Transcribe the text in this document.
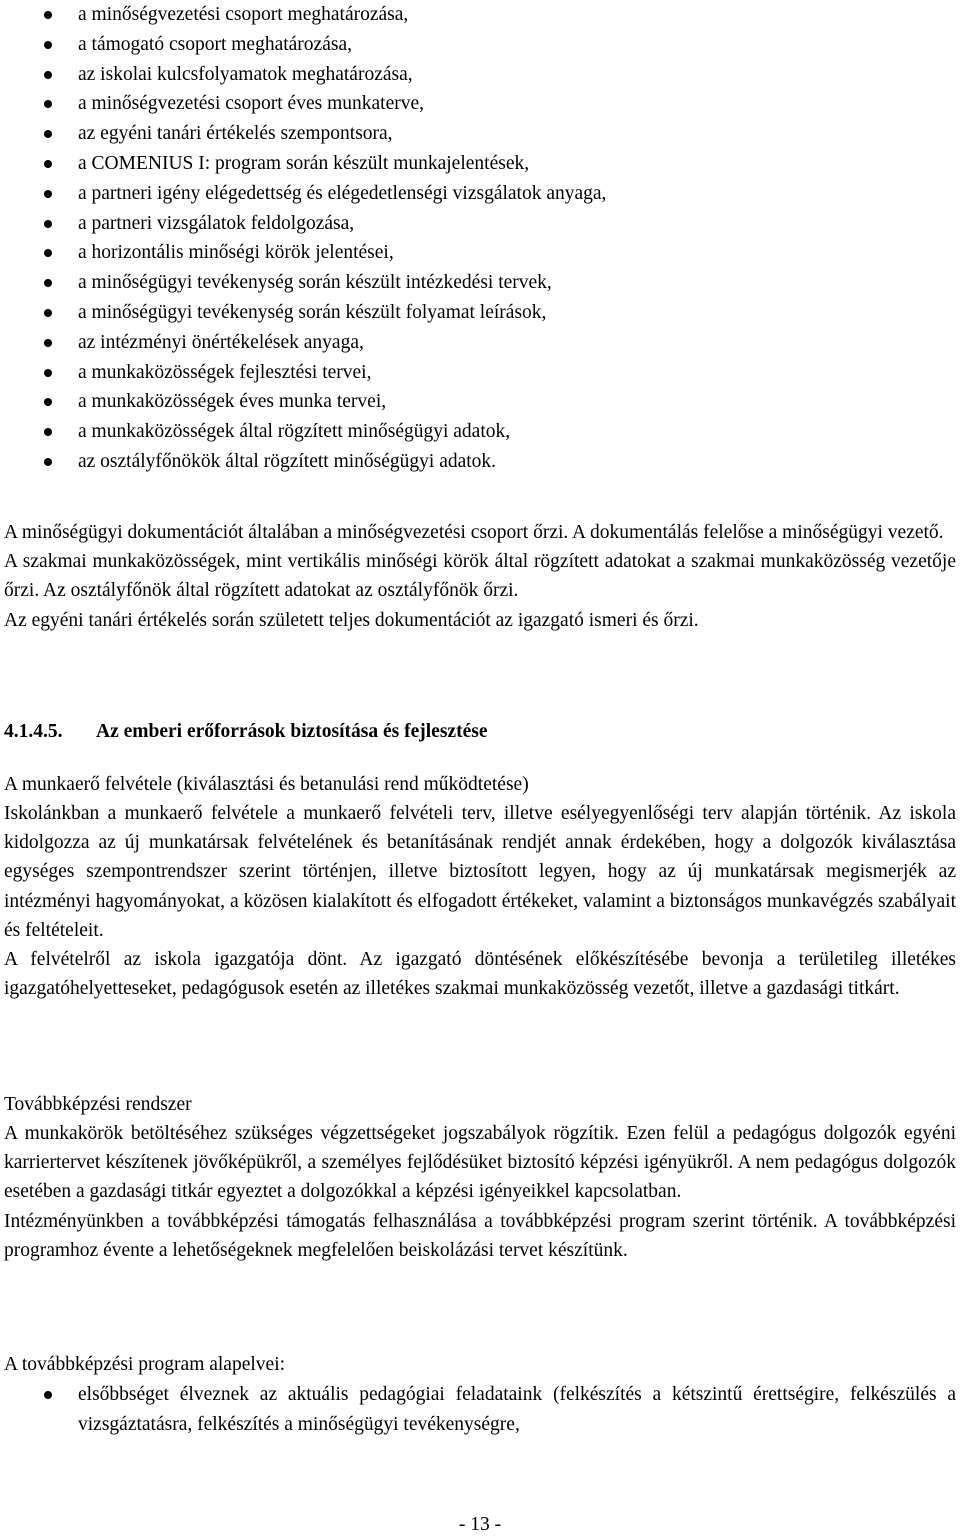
a minőségvezetési csoport meghatározása,
a támogató csoport meghatározása,
az iskolai kulcsfolyamatok meghatározása,
a minőségvezetési csoport éves munkaterve,
az egyéni tanári értékelés szempontsora,
a COMENIUS I: program során készült munkajelentések,
a partneri igény elégedettség és elégedetlenségi vizsgálatok anyaga,
a partneri vizsgálatok feldolgozása,
a horizontális minőségi körök jelentései,
a minőségügyi tevékenység során készült intézkedési tervek,
a minőségügyi tevékenység során készült folyamat leírások,
az intézményi önértékelések anyaga,
a munkaközösségek fejlesztési tervei,
a munkaközösségek éves munka tervei,
a munkaközösségek által rögzített minőségügyi adatok,
az osztályfőnökök által rögzített minőségügyi adatok.

A minőségügyi dokumentációt általában a minőségvezetési csoport őrzi. A dokumentálás felelőse a minőségügyi vezető.

A szakmai munkaközösségek, mint vertikális minőségi körök által rögzített adatokat a szakmai munkaközösség vezetője őrzi. Az osztályfőnök által rögzített adatokat az osztályfőnök őrzi.

Az egyéni tanári értékelés során született teljes dokumentációt az igazgató ismeri és őrzi.

4.1.4.5. Az emberi erőforrások biztosítása és fejlesztése

A munkaerő felvétele (kiválasztási és betanulási rend működtetése)

Iskolánkban a munkaerő felvétele a munkaerő felvételi terv, illetve esélyegyenlőségi terv alapján történik. Az iskola kidolgozza az új munkatársak felvételének és betanításának rendjét annak érdekében, hogy a dolgozók kiválasztása egységes szempontrendszer szerint történjen, illetve biztosított legyen, hogy az új munkatársak megismerjék az intézményi hagyományokat, a közösen kialakított és elfogadott értékeket, valamint a biztonságos munkavégzés szabályait és feltételeit.

A felvételről az iskola igazgatója dönt. Az igazgató döntésének előkészítésébe bevonja a területileg illetékes igazgatóhelyetteseket, pedagógusok esetén az illetékes szakmai munkaközösség vezetőt, illetve a gazdasági titkárt.

Továbbképzési rendszer

A munkakörök betöltéséhez szükséges végzettségeket jogszabályok rögzítik. Ezen felül a pedagógus dolgozók egyéni karriertervet készítenek jövőképükről, a személyes fejlődésüket biztosító képzési igényükről. A nem pedagógus dolgozók esetében a gazdasági titkár egyeztet a dolgozókkal a képzési igényeikkel kapcsolatban.

Intézményünkben a továbbképzési támogatás felhasználása a továbbképzési program szerint történik. A továbbképzési programhoz évente a lehetőségeknek megfelelően beiskolázási tervet készítünk.

A továbbképzési program alapelvei:

elsőbbséget élveznek az aktuális pedagógiai feladataink (felkészítés a kétszintű érettségire, felkészülés a vizsgáztatásra, felkészítés a minőségügyi tevékenységre,
- 13 -
